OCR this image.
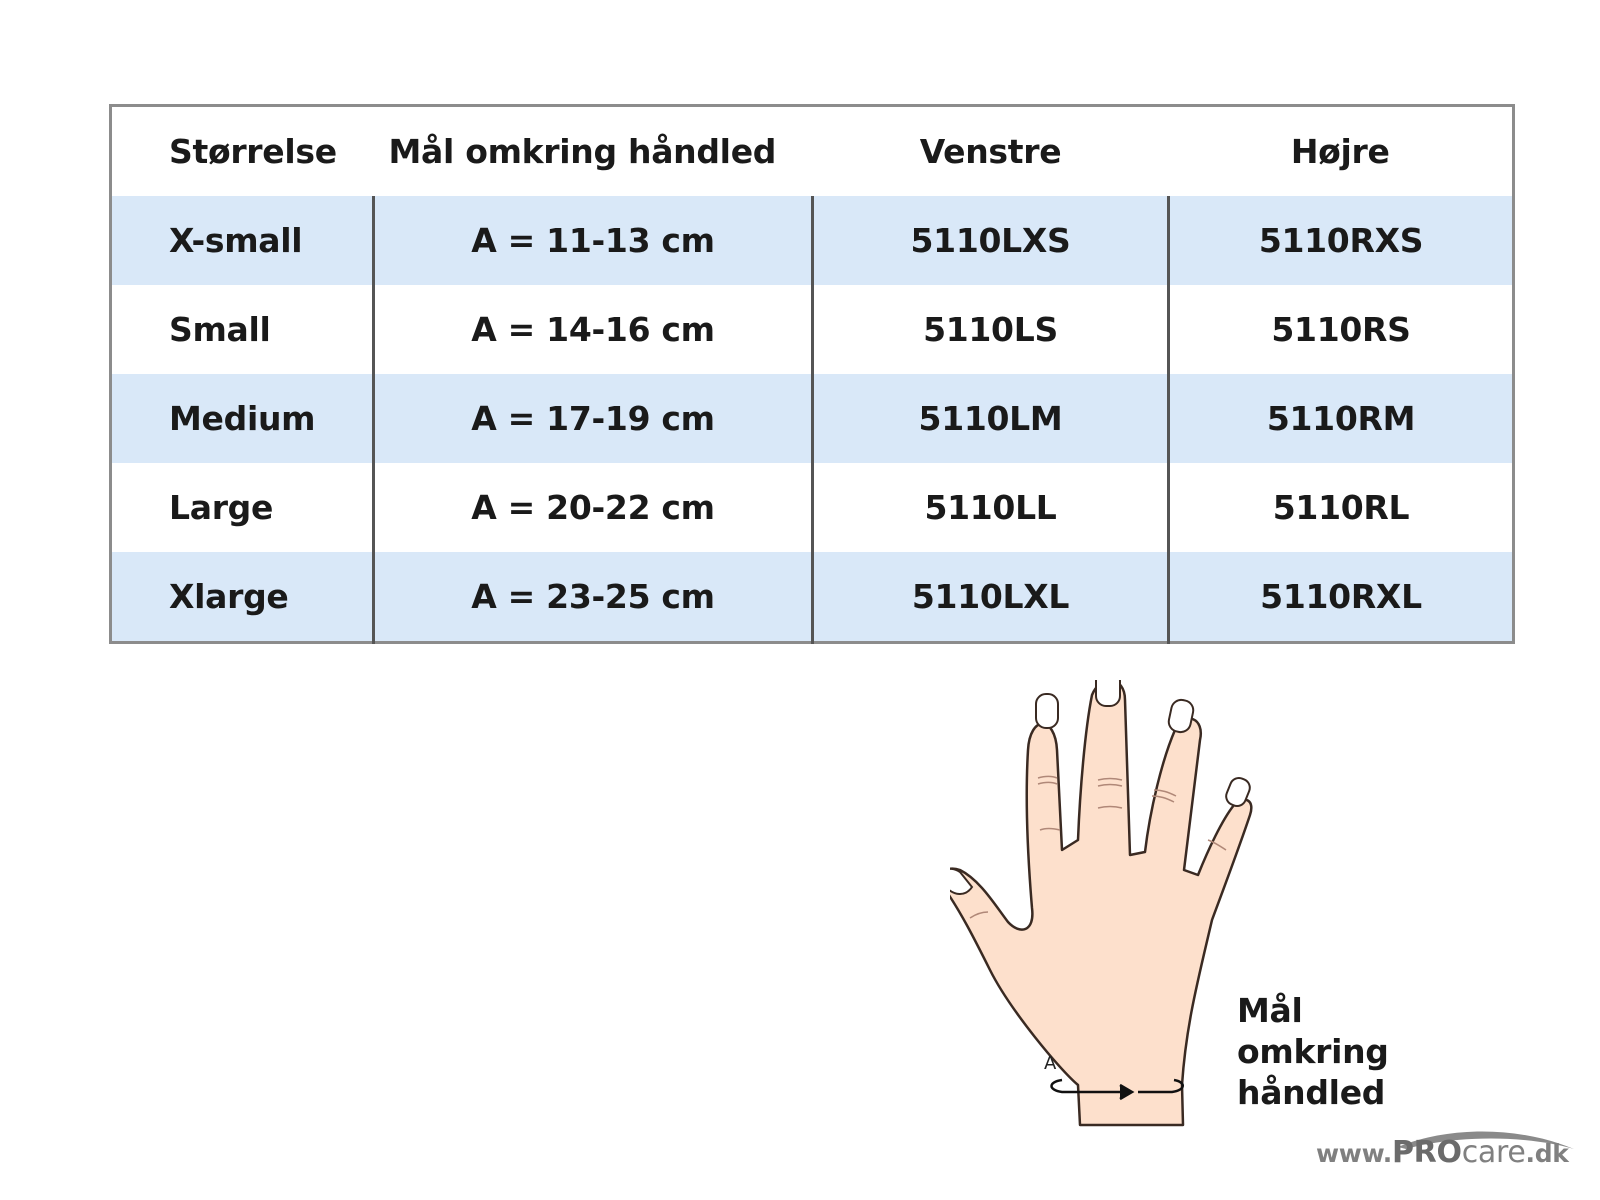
Størrelse	Mål omkring håndled	Venstre	Højre
X-small	A = 11-13 cm	5110LXS	5110RXS
Small	A = 14-16 cm	5110LS	5110RS
Medium	A = 17-19 cm	5110LM	5110RM
Large	A = 20-22 cm	5110LL	5110RL
Xlarge	A = 23-25 cm	5110LXL	5110RXL
A
Mål
omkring
håndled
www.PROcare.dk
